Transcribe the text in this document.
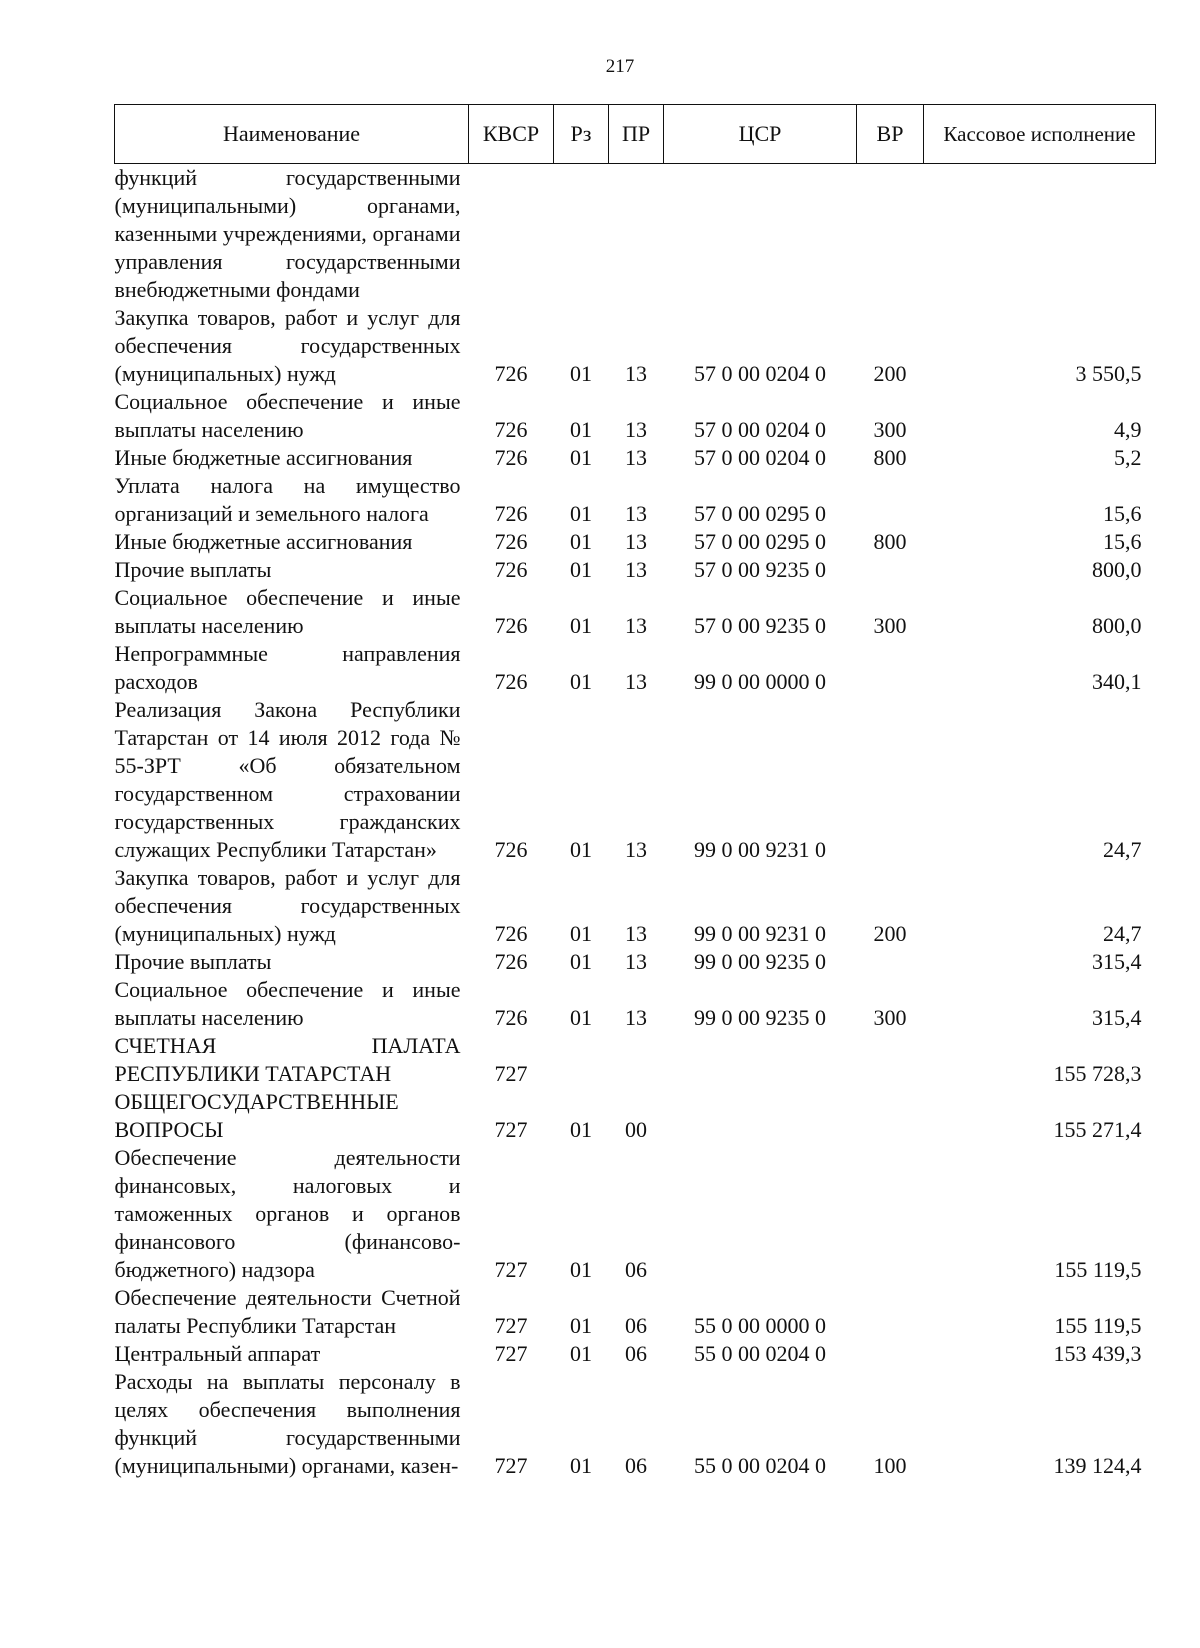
217
Наименование	КВСР	Рз	ПР	ЦСР	ВР	Кассовое исполнение
функций государственными (муниципальными) органами, казенными учреждениями, органами управления государственными внебюджетными фондами						
Закупка товаров, работ и услуг для обеспечения государственных (муниципальных) нужд	726	01	13	57 0 00 0204 0	200	3 550,5
Социальное обеспечение и иные выплаты населению	726	01	13	57 0 00 0204 0	300	4,9
Иные бюджетные ассигнования	726	01	13	57 0 00 0204 0	800	5,2
Уплата налога на имущество организаций и земельного налога	726	01	13	57 0 00 0295 0		15,6
Иные бюджетные ассигнования	726	01	13	57 0 00 0295 0	800	15,6
Прочие выплаты	726	01	13	57 0 00 9235 0		800,0
Социальное обеспечение и иные выплаты населению	726	01	13	57 0 00 9235 0	300	800,0
Непрограммные направления расходов	726	01	13	99 0 00 0000 0		340,1
Реализация Закона Республики Татарстан от 14 июля 2012 года № 55-ЗРТ «Об обязательном государственном страховании государственных гражданских служащих Республики Татарстан»	726	01	13	99 0 00 9231 0		24,7
Закупка товаров, работ и услуг для обеспечения государственных (муниципальных) нужд	726	01	13	99 0 00 9231 0	200	24,7
Прочие выплаты	726	01	13	99 0 00 9235 0		315,4
Социальное обеспечение и иные выплаты населению	726	01	13	99 0 00 9235 0	300	315,4
СЧЕТНАЯ ПАЛАТА РЕСПУБЛИКИ ТАТАРСТАН	727					155 728,3
ОБЩЕГОСУДАРСТВЕННЫЕ ВОПРОСЫ	727	01	00			155 271,4
Обеспечение деятельности финансовых, налоговых и таможенных органов и органов финансового (финансово-бюджетного) надзора	727	01	06			155 119,5
Обеспечение деятельности Счетной палаты Республики Татарстан	727	01	06	55 0 00 0000 0		155 119,5
Центральный аппарат	727	01	06	55 0 00 0204 0		153 439,3
Расходы на выплаты персоналу в целях обеспечения выполнения функций государственными (муниципальными) органами, казен-	727	01	06	55 0 00 0204 0	100	139 124,4
